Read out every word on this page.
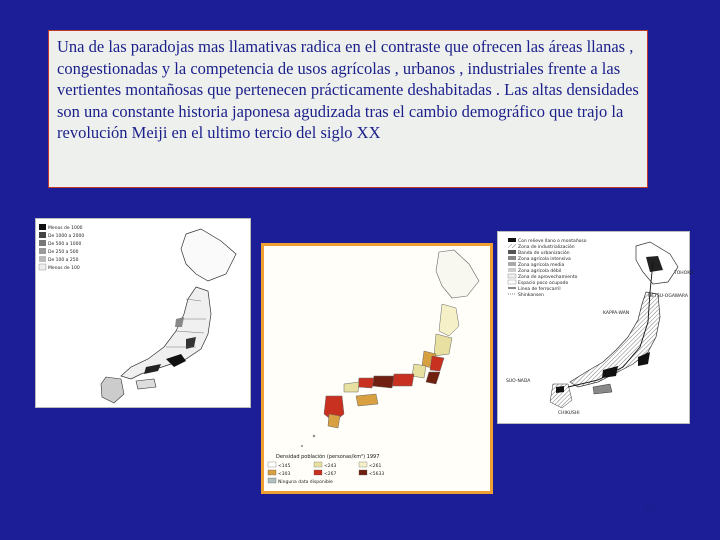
Una de las paradojas mas llamativas radica en el contraste que ofrecen las áreas llanas , congestionadas y la competencia de usos agrícolas , urbanos , industriales frente a las vertientes montañosas que pertenecen prácticamente deshabitadas . Las altas densidades son una constante historia japonesa agudizada tras el cambio demográfico que trajo la revolución Meiji en el ultimo tercio del siglo XX

Menos de 1000
De 1000 a 2000
De 500 a 1000
De 250 a 500
De 100 a 250
Menos de 100
Densidad población (personas/km²) 1997
<145
<303
Ninguna data disponible
<243
<267
<261
<5633
Con relieve llano o montañoso
Zona de industrialización
Banda de urbanización
Zona agrícola intensiva
Zona agrícola media
Zona agrícola débil
Zona de aprovechamiento
Espacio poco ocupado
Línea de ferrocarril
Shinkansen
TOHOKU
UETSU-OGAWARA
KAPPA-WAN
SUO-NADA
CHIKUSHI
26
